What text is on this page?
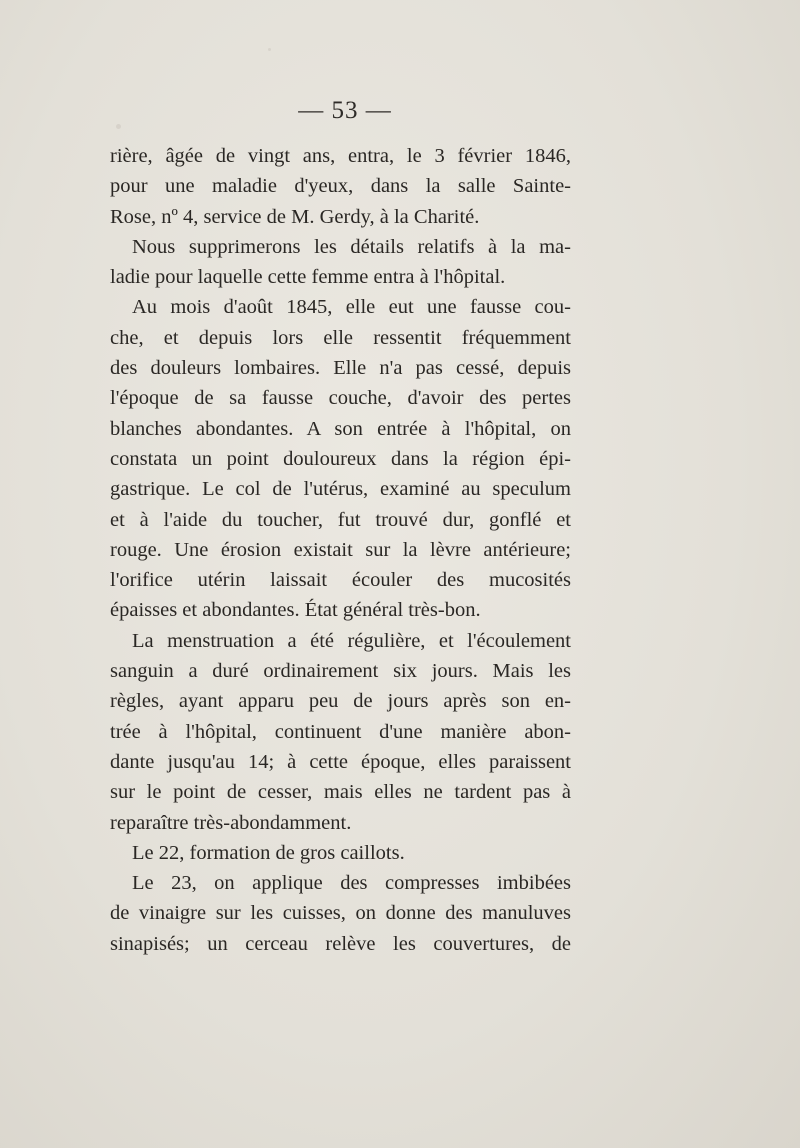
— 53 —
rière, âgée de vingt ans, entra, le 3 février 1846,
pour une maladie d'yeux, dans la salle Sainte-
Rose, nº 4, service de M. Gerdy, à la Charité.
Nous supprimerons les détails relatifs à la ma-
ladie pour laquelle cette femme entra à l'hôpital.
Au mois d'août 1845, elle eut une fausse cou-
che, et depuis lors elle ressentit fréquemment
des douleurs lombaires. Elle n'a pas cessé, depuis
l'époque de sa fausse couche, d'avoir des pertes
blanches abondantes. A son entrée à l'hôpital, on
constata un point douloureux dans la région épi-
gastrique. Le col de l'utérus, examiné au speculum
et à l'aide du toucher, fut trouvé dur, gonflé et
rouge. Une érosion existait sur la lèvre antérieure;
l'orifice utérin laissait écouler des mucosités
épaisses et abondantes. État général très-bon.
La menstruation a été régulière, et l'écoulement
sanguin a duré ordinairement six jours. Mais les
règles, ayant apparu peu de jours après son en-
trée à l'hôpital, continuent d'une manière abon-
dante jusqu'au 14; à cette époque, elles paraissent
sur le point de cesser, mais elles ne tardent pas à
reparaître très-abondamment.
Le 22, formation de gros caillots.
Le 23, on applique des compresses imbibées
de vinaigre sur les cuisses, on donne des manuluves
sinapisés; un cerceau relève les couvertures, de
